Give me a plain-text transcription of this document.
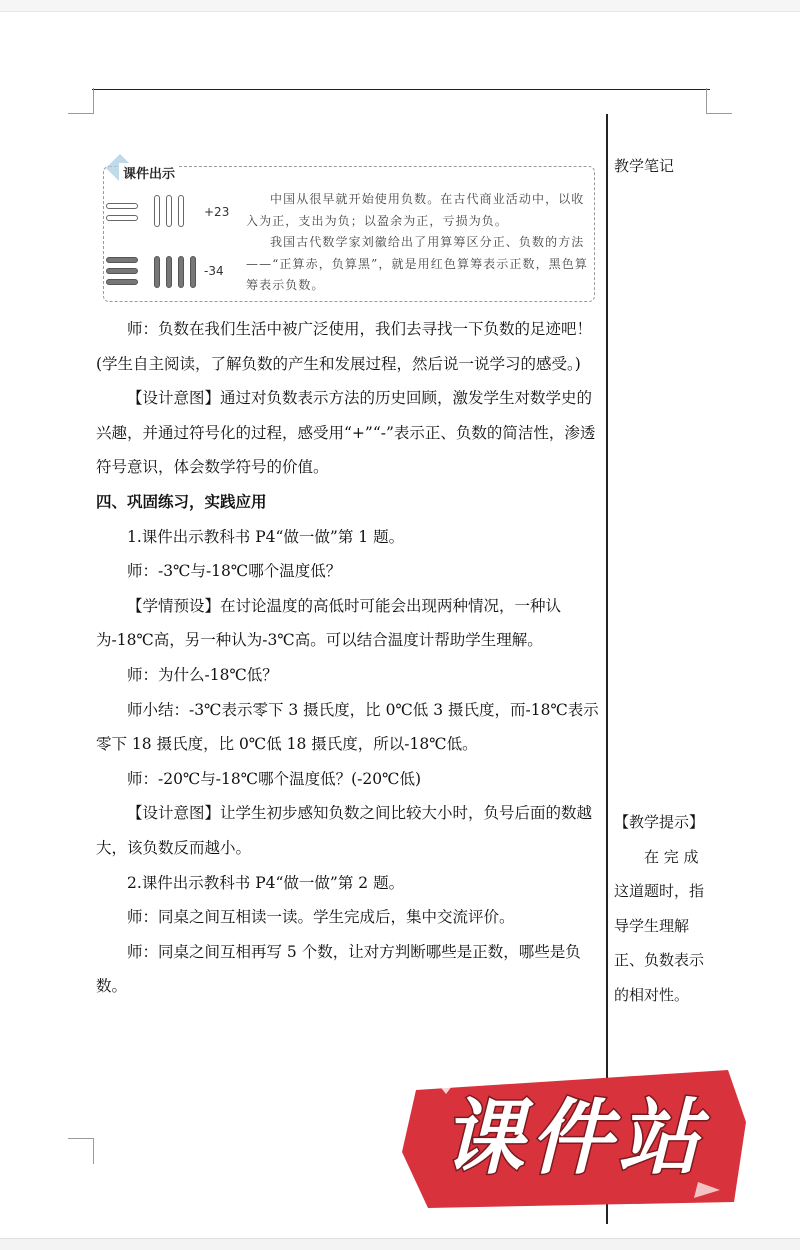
课件出示
+23
-34

中国从很早就开始使用负数。在古代商业活动中，以收入为正，支出为负；以盈余为正，亏损为负。

我国古代数学家刘徽给出了用算筹区分正、负数的方法——“正算赤，负算黑”，就是用红色算筹表示正数，黑色算筹表示负数。

师：负数在我们生活中被广泛使用，我们去寻找一下负数的足迹吧！(学生自主阅读，了解负数的产生和发展过程，然后说一说学习的感受。)

【设计意图】通过对负数表示方法的历史回顾，激发学生对数学史的兴趣，并通过符号化的过程，感受用“+”“-”表示正、负数的简洁性，渗透符号意识，体会数学符号的价值。

四、巩固练习，实践应用

1.课件出示教科书 P4“做一做”第 1 题。

师：-3℃与-18℃哪个温度低？

【学情预设】在讨论温度的高低时可能会出现两种情况，一种认为-18℃高，另一种认为-3℃高。可以结合温度计帮助学生理解。

师：为什么-18℃低？

师小结：-3℃表示零下 3 摄氏度，比 0℃低 3 摄氏度，而-18℃表示零下 18 摄氏度，比 0℃低 18 摄氏度，所以-18℃低。

师：-20℃与-18℃哪个温度低？(-20℃低)

【设计意图】让学生初步感知负数之间比较大小时，负号后面的数越大，该负数反而越小。

2.课件出示教科书 P4“做一做”第 2 题。

师：同桌之间互相读一读。学生完成后，集中交流评价。

师：同桌之间互相再写 5 个数，让对方判断哪些是正数，哪些是负数。

教学笔记
【教学提示】
在 完 成
这道题时，指
导学生理解
正、负数表示
的相对性。
课件站
